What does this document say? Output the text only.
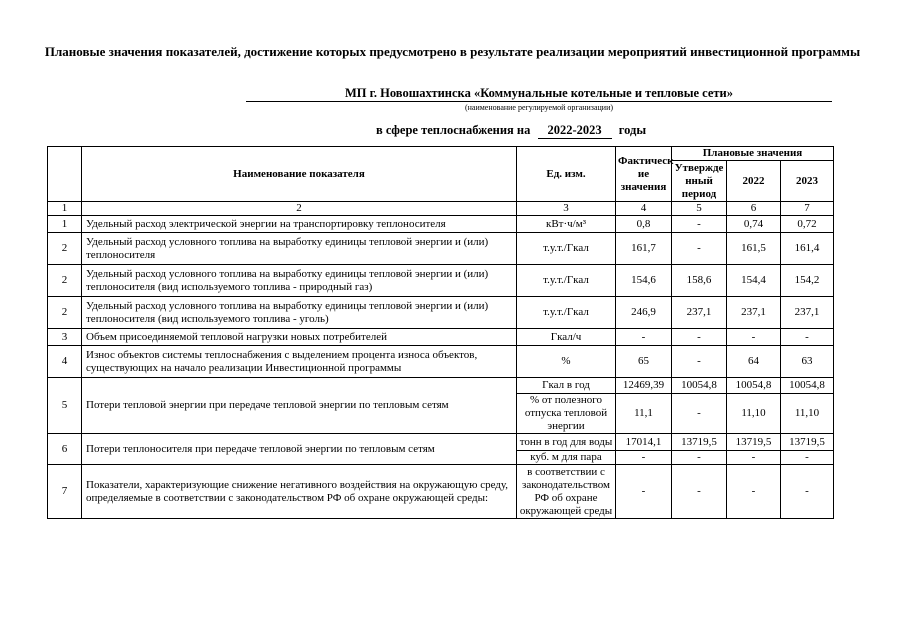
Плановые значения показателей, достижение которых предусмотрено в результате реализации мероприятий инвестиционной программы
МП г. Новошахтинска «Коммунальные котельные и тепловые сети»
(наименование регулируемой организации)
в сфере теплоснабжения на 2022-2023 годы
	Наименование показателя	Ед. изм.	Фактическ ие значения	Плановые значения		
				Утвержде нный период	2022	2023
1	2	3	4	5	6	7
1	Удельный расход электрической энергии на транспортировку теплоносителя	кВт·ч/м³	0,8	-	0,74	0,72
2	Удельный расход условного топлива на выработку единицы тепловой энергии и (или) теплоносителя	т.у.т./Гкал	161,7	-	161,5	161,4
2	Удельный расход условного топлива на выработку единицы тепловой энергии и (или) теплоносителя (вид используемого топлива - природный газ)	т.у.т./Гкал	154,6	158,6	154,4	154,2
2	Удельный расход условного топлива на выработку единицы тепловой энергии и (или) теплоносителя (вид используемого топлива - уголь)	т.у.т./Гкал	246,9	237,1	237,1	237,1
3	Объем присоединяемой тепловой нагрузки новых потребителей	Гкал/ч	-	-	-	-
4	Износ объектов системы теплоснабжения с выделением процента износа объектов, существующих на начало реализации Инвестиционной программы	%	65	-	64	63
5	Потери тепловой энергии при передаче тепловой энергии по тепловым сетям	Гкал в год	12469,39	10054,8	10054,8	10054,8
		% от полезного отпуска тепловой энергии	11,1	-	11,10	11,10
6	Потери теплоносителя при передаче тепловой энергии по тепловым сетям	тонн в год для воды	17014,1	13719,5	13719,5	13719,5
		куб. м для пара	-	-	-	-
7	Показатели, характеризующие снижение негативного воздействия на окружающую среду, определяемые в соответствии с законодательством РФ об охране окружающей среды:	в соответствии с законодательством РФ об охране окружающей среды	-	-	-	-
